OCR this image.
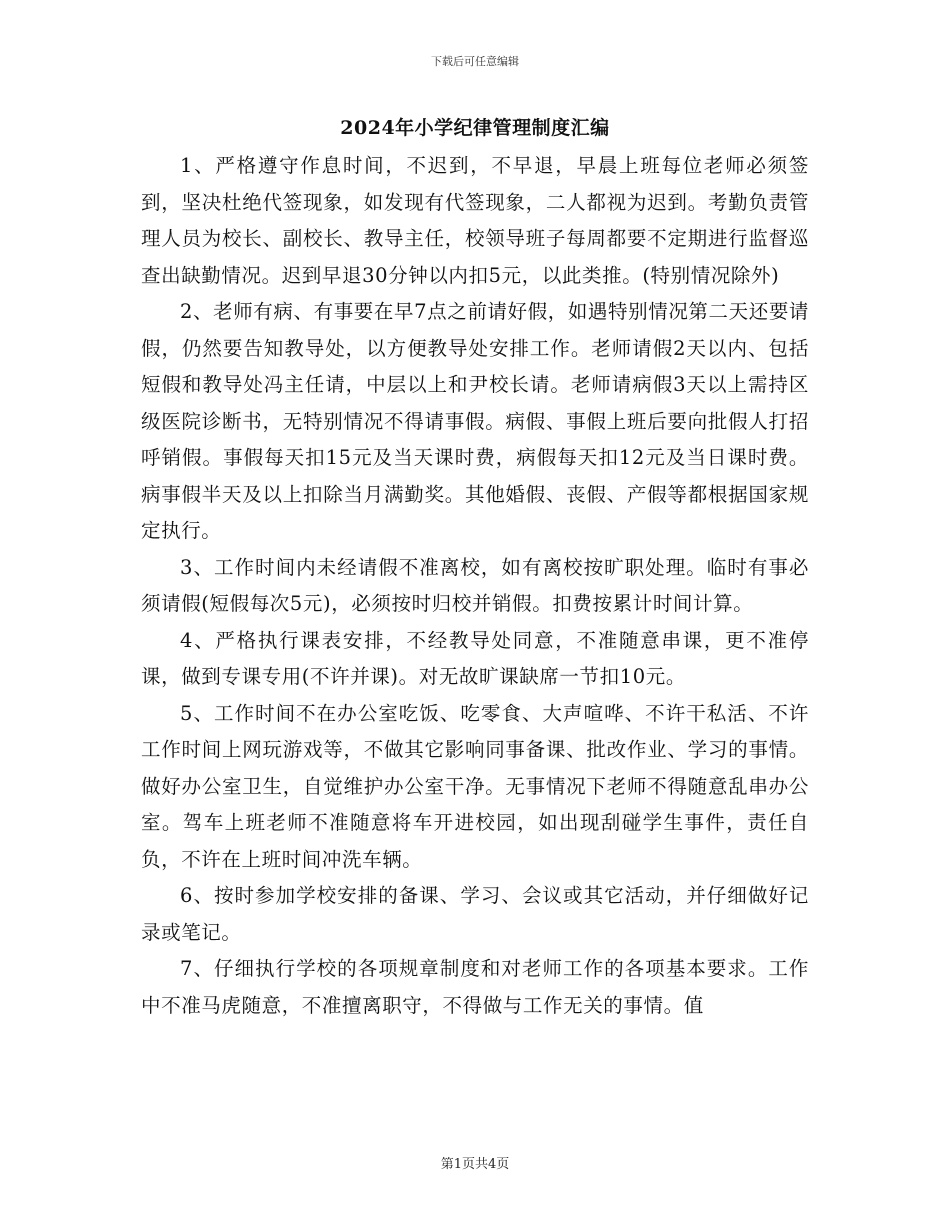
下载后可任意编辑
2024年小学纪律管理制度汇编

1、严格遵守作息时间，不迟到，不早退，早晨上班每位老师必须签到，坚决杜绝代签现象，如发现有代签现象，二人都视为迟到。考勤负责管理人员为校长、副校长、教导主任，校领导班子每周都要不定期进行监督巡查出缺勤情况。迟到早退30分钟以内扣5元，以此类推。(特别情况除外)

2、老师有病、有事要在早7点之前请好假，如遇特别情况第二天还要请假，仍然要告知教导处，以方便教导处安排工作。老师请假2天以内、包括短假和教导处冯主任请，中层以上和尹校长请。老师请病假3天以上需持区级医院诊断书，无特别情况不得请事假。病假、事假上班后要向批假人打招呼销假。事假每天扣15元及当天课时费，病假每天扣12元及当日课时费。病事假半天及以上扣除当月满勤奖。其他婚假、丧假、产假等都根据国家规定执行。

3、工作时间内未经请假不准离校，如有离校按旷职处理。临时有事必须请假(短假每次5元)，必须按时归校并销假。扣费按累计时间计算。

4、严格执行课表安排，不经教导处同意，不准随意串课，更不准停课，做到专课专用(不许并课)。对无故旷课缺席一节扣10元。

5、工作时间不在办公室吃饭、吃零食、大声喧哗、不许干私活、不许工作时间上网玩游戏等，不做其它影响同事备课、批改作业、学习的事情。做好办公室卫生，自觉维护办公室干净。无事情况下老师不得随意乱串办公室。驾车上班老师不准随意将车开进校园，如出现刮碰学生事件，责任自负，不许在上班时间冲洗车辆。

6、按时参加学校安排的备课、学习、会议或其它活动，并仔细做好记录或笔记。

7、仔细执行学校的各项规章制度和对老师工作的各项基本要求。工作中不准马虎随意，不准擅离职守，不得做与工作无关的事情。值

第1页共4页
